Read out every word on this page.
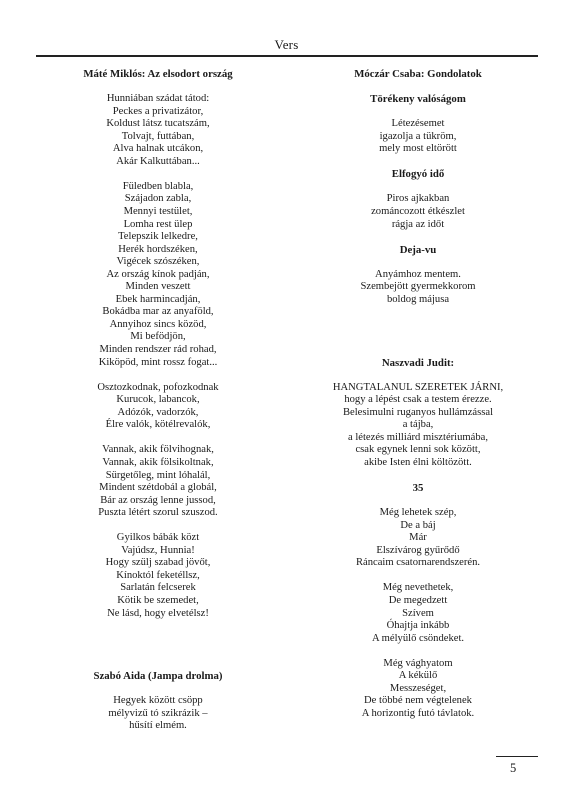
Vers
Máté Miklós: Az elsodort ország
Hunniában szádat tátod:
Peckes a privatizátor,
Koldust látsz tucatszám,
Tolvajt, futtában,
Alva halnak utcákon,
Akár Kalkuttában...
Füledben blabla,
Szájadon zabla,
Mennyi testület,
Lomha rest ülep
Telepszik lelkedre,
Herék hordszéken,
Vigécek szószéken,
Az ország kínok padján,
Minden veszett
Ebek harmincadján,
Bokádba mar az anyaföld,
Annyihoz sincs közöd,
Mi befödjön,
Minden rendszer rád rohad,
Kiköpöd, mint rossz fogat...
Osztozkodnak, pofozkodnak
Kurucok, labancok,
Adózók, vadorzók,
Élre valók, kötélrevalók,
Vannak, akik fölvihognak,
Vannak, akik fölsikoltnak,
Sürgetőleg, mint lóhalál,
Mindent szétdobál a globál,
Bár az ország lenne jussod,
Puszta létért szorul szuszod.
Gyilkos bábák közt
Vajúdsz, Hunnia!
Hogy szülj szabad jövőt,
Kínoktól feketéllsz,
Sarlatán felcserek
Kötik be szemedet,
Ne lásd, hogy elvetélsz!
Szabó Aida (Jampa drolma)
Hegyek között csöpp
mélyvizű tó szikrázik –
hűsítí elmém.
Móczár Csaba: Gondolatok
Törékeny valóságom
Létezésemet
igazolja a tükröm,
mely most eltörött
Elfogyó idő
Piros ajkakban
zománcozott étkészlet
rágja az időt
Deja-vu
Anyámhoz mentem.
Szembejött gyermekkorom
boldog májusa
Naszvadi Judit:
HANGTALANUL SZERETEK JÁRNI,
hogy a lépést csak a testem érezze.
Belesimulni ruganyos hullámzással
a tájba,
a létezés milliárd misztériumába,
csak egynek lenni sok között,
akibe Isten élni költözött.
35
Még lehetek szép,
De a báj
Már
Elszívárog gyűrődő
Ráncaim csatornarendszerén.
Még nevethetek,
De megedzett
Szívem
Óhajtja inkább
A mélyülő csöndeket.
Még vághyatom
A kékülő
Messzeséget,
De többé nem végtelenek
A horizontig futó távlatok.
5
